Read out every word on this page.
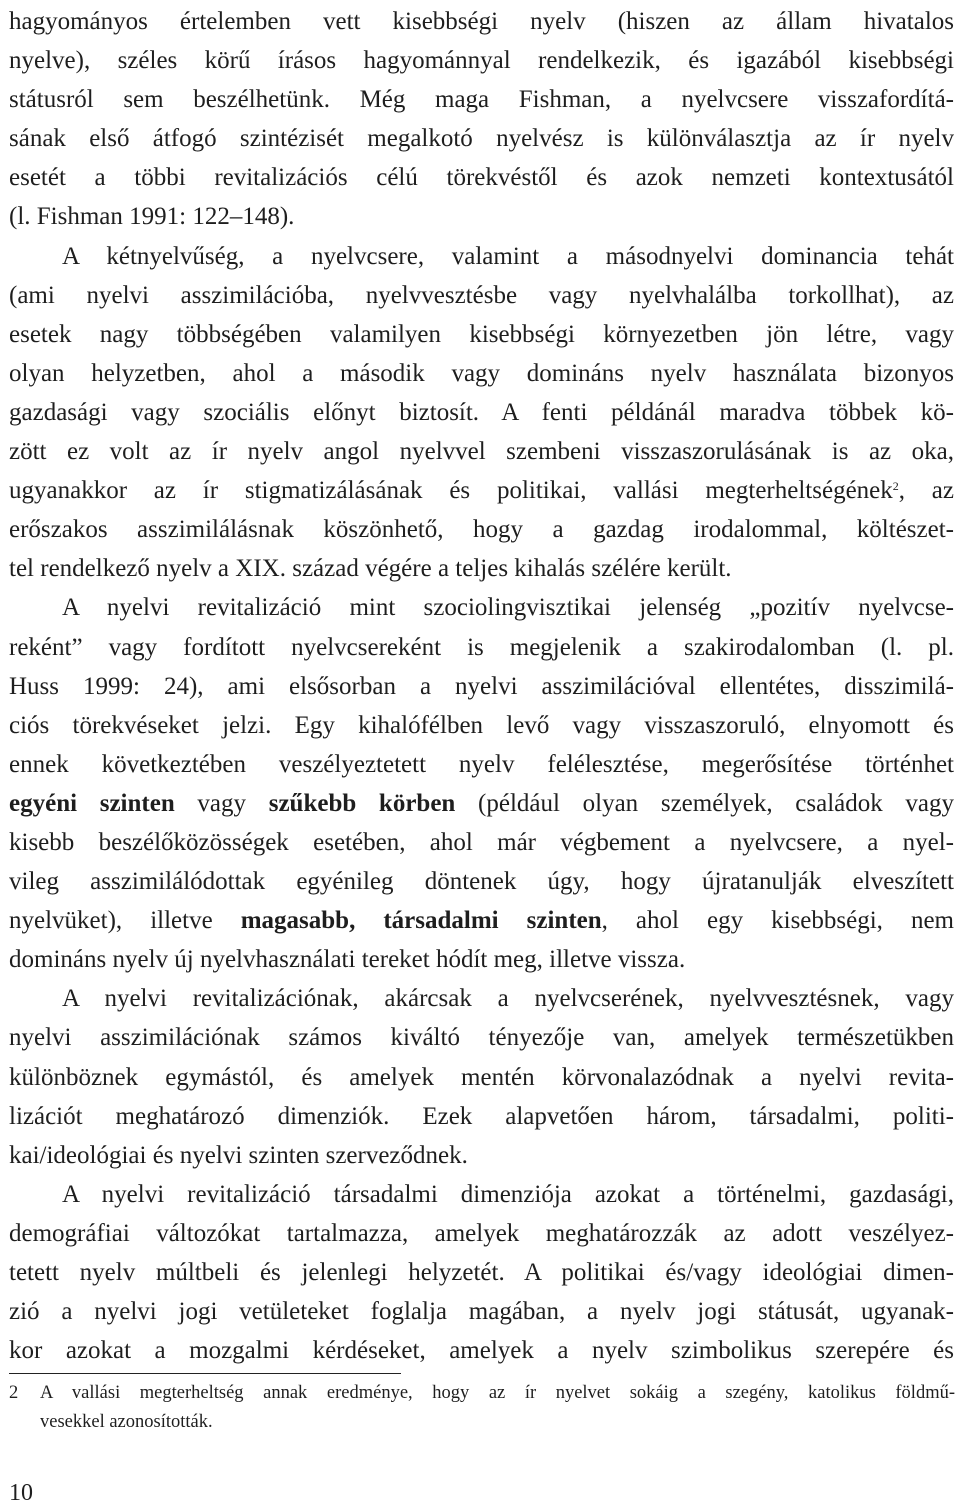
hagyományos értelemben vett kisebbségi nyelv (hiszen az állam hivatalos
nyelve), széles körű írásos hagyománnyal rendelkezik, és igazából kisebbségi
státusról sem beszélhetünk. Még maga Fishman, a nyelvcsere visszafordítá-
sának első átfogó szintézisét megalkotó nyelvész is különválasztja az ír nyelv
esetét a többi revitalizációs célú törekvéstől és azok nemzeti kontextusától
(l. Fishman 1991: 122–148).
A kétnyelvűség, a nyelvcsere, valamint a másodnyelvi dominancia tehát
(ami nyelvi asszimilációba, nyelvvesztésbe vagy nyelvhalálba torkollhat), az
esetek nagy többségében valamilyen kisebbségi környezetben jön létre, vagy
olyan helyzetben, ahol a második vagy domináns nyelv használata bizonyos
gazdasági vagy szociális előnyt biztosít. A fenti példánál maradva többek kö-
zött ez volt az ír nyelv angol nyelvvel szembeni visszaszorulásának is az oka,
ugyanakkor az ír stigmatizálásának és politikai, vallási megterheltségének$^2$, az
erőszakos asszimilálásnak köszönhető, hogy a gazdag irodalommal, költészet-
tel rendelkező nyelv a XIX. század végére a teljes kihalás szélére került.
A nyelvi revitalizáció mint szociolingvisztikai jelenség „pozitív nyelvcse-
reként” vagy fordított nyelvcsereként is megjelenik a szakirodalomban (l. pl.
Huss 1999: 24), ami elsősorban a nyelvi asszimilációval ellentétes, disszimilá-
ciós törekvéseket jelzi. Egy kihalófélben levő vagy visszaszoruló, elnyomott és
ennek következtében veszélyeztetett nyelv felélesztése, megerősítése történhet
egyéni szinten vagy szűkebb körben (például olyan személyek, családok vagy
kisebb beszélőközösségek esetében, ahol már végbement a nyelvcsere, a nyel-
vileg asszimilálódottak egyénileg döntenek úgy, hogy újratanulják elveszített
nyelvüket), illetve magasabb, társadalmi szinten, ahol egy kisebbségi, nem
domináns nyelv új nyelvhasználati tereket hódít meg, illetve vissza.
A nyelvi revitalizációnak, akárcsak a nyelvcserének, nyelvvesztésnek, vagy
nyelvi asszimilációnak számos kiváltó tényezője van, amelyek természetükben
különböznek egymástól, és amelyek mentén körvonalazódnak a nyelvi revita-
lizációt meghatározó dimenziók. Ezek alapvetően három, társadalmi, politi-
kai/ideológiai és nyelvi szinten szerveződnek.
A nyelvi revitalizáció társadalmi dimenziója azokat a történelmi, gazdasági,
demográfiai változókat tartalmazza, amelyek meghatározzák az adott veszélyez-
tetett nyelv múltbeli és jelenlegi helyzetét. A politikai és/vagy ideológiai dimen-
zió a nyelvi jogi vetületeket foglalja magában, a nyelv jogi státusát, ugyanak-
kor azokat a mozgalmi kérdéseket, amelyek a nyelv szimbolikus szerepére és
2	A vallási megterheltség annak eredménye, hogy az ír nyelvet sokáig a szegény, katolikus földmű-
vesekkel azonosították.
10
